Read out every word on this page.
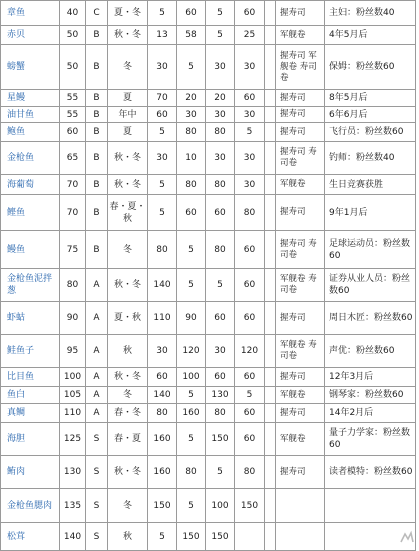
章鱼	40	C	夏・冬	5	60	5	60		握寿司	主妇：粉丝数40
赤贝	50	B	秋・冬	13	58	5	25		军舰卷	4年5月后
螃蟹	50	B	冬	30	5	30	30		握寿司 军舰卷 寿司卷	保姆：粉丝数60
星鳗	55	B	夏	70	20	20	60		握寿司	8年5月后
油甘鱼	55	B	年中	60	30	30	30		握寿司	6年6月后
鲍鱼	60	B	夏	5	80	80	5		握寿司	飞行员：粉丝数60
金枪鱼	65	B	秋・冬	30	10	30	30		握寿司 寿司卷	钓师：粉丝数40
海葡萄	70	B	秋・冬	5	80	80	30		军舰卷	生日竞赛获胜
鲣鱼	70	B	春・夏・秋	5	60	60	80		握寿司	9年1月后
鳗鱼	75	B	冬	80	5	80	60		握寿司 寿司卷	足球运动员：粉丝数60
金枪鱼泥拌葱	80	A	秋・冬	140	5	5	60		军舰卷 寿司卷	证券从业人员：粉丝数60
虾蛄	90	A	夏・秋	110	90	60	60		握寿司	周日木匠：粉丝数60
鲑鱼子	95	A	秋	30	120	30	120		军舰卷 寿司卷	声优：粉丝数60
比目鱼	100	A	秋・冬	60	100	60	60		握寿司	12年3月后
鱼白	105	A	冬	140	5	130	5		军舰卷	钢琴家：粉丝数60
真鲷	110	A	春・冬	80	160	80	60		握寿司	14年2月后
海胆	125	S	春・夏	160	5	150	60		军舰卷	量子力学家：粉丝数60
鲔肉	130	S	秋・冬	160	80	5	80		握寿司	读者模特：粉丝数60
金枪鱼腮肉	135	S	冬	150	5	100	150			
松茸	140	S	秋	5	150	150				
